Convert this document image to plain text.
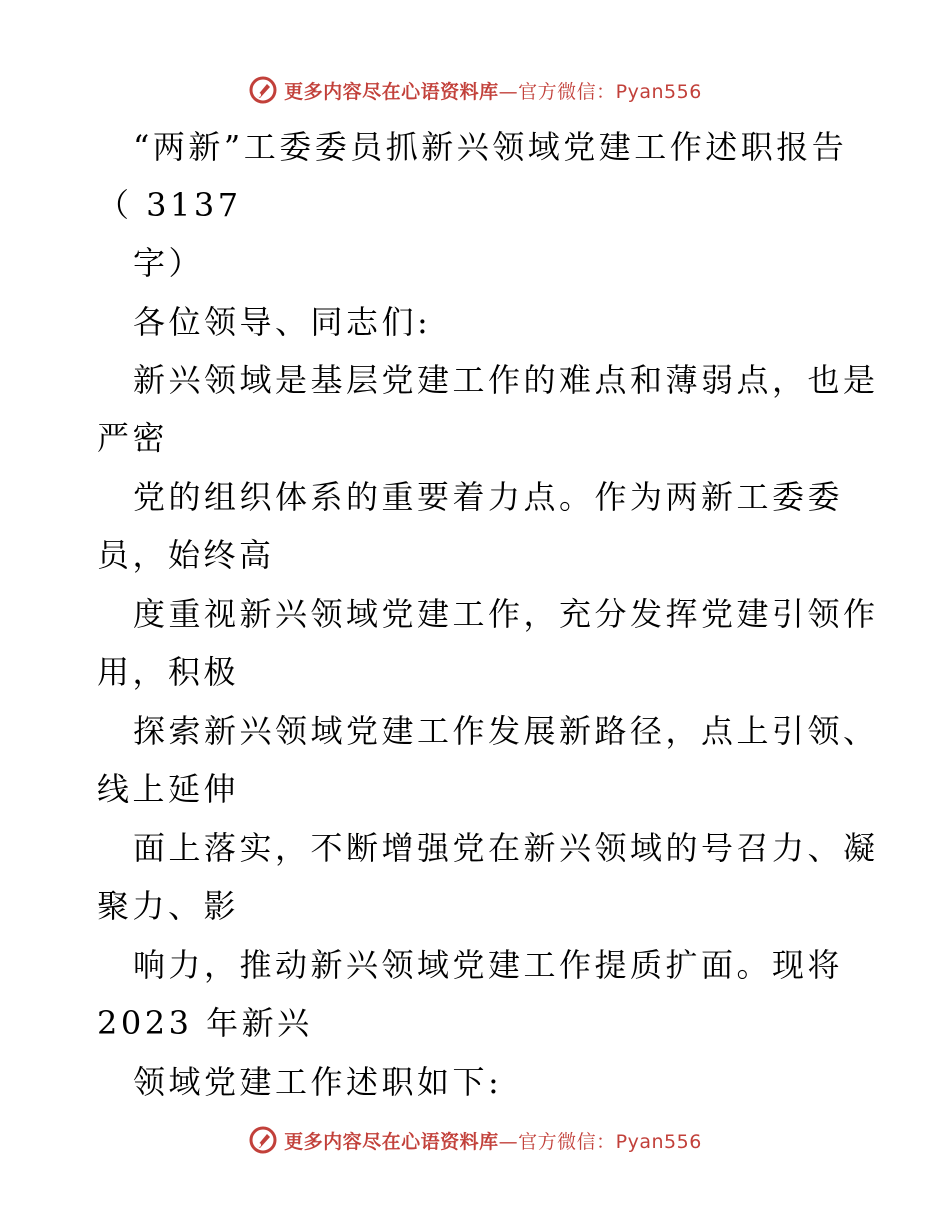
更多内容尽在心语资料库—官方微信：Pyan556
“两新”工委委员抓新兴领域党建工作述职报告
（ 3137
字）
各位领导、同志们:
新兴领域是基层党建工作的难点和薄弱点，也是
严密
党的组织体系的重要着力点。作为两新工委委
员，始终高
度重视新兴领域党建工作，充分发挥党建引领作
用，积极
探索新兴领域党建工作发展新路径，点上引领、
线上延伸
面上落实，不断增强党在新兴领域的号召力、凝
聚力、影
响力，推动新兴领域党建工作提质扩面。现将
2023 年新兴
领域党建工作述职如下:
更多内容尽在心语资料库—官方微信：Pyan556
